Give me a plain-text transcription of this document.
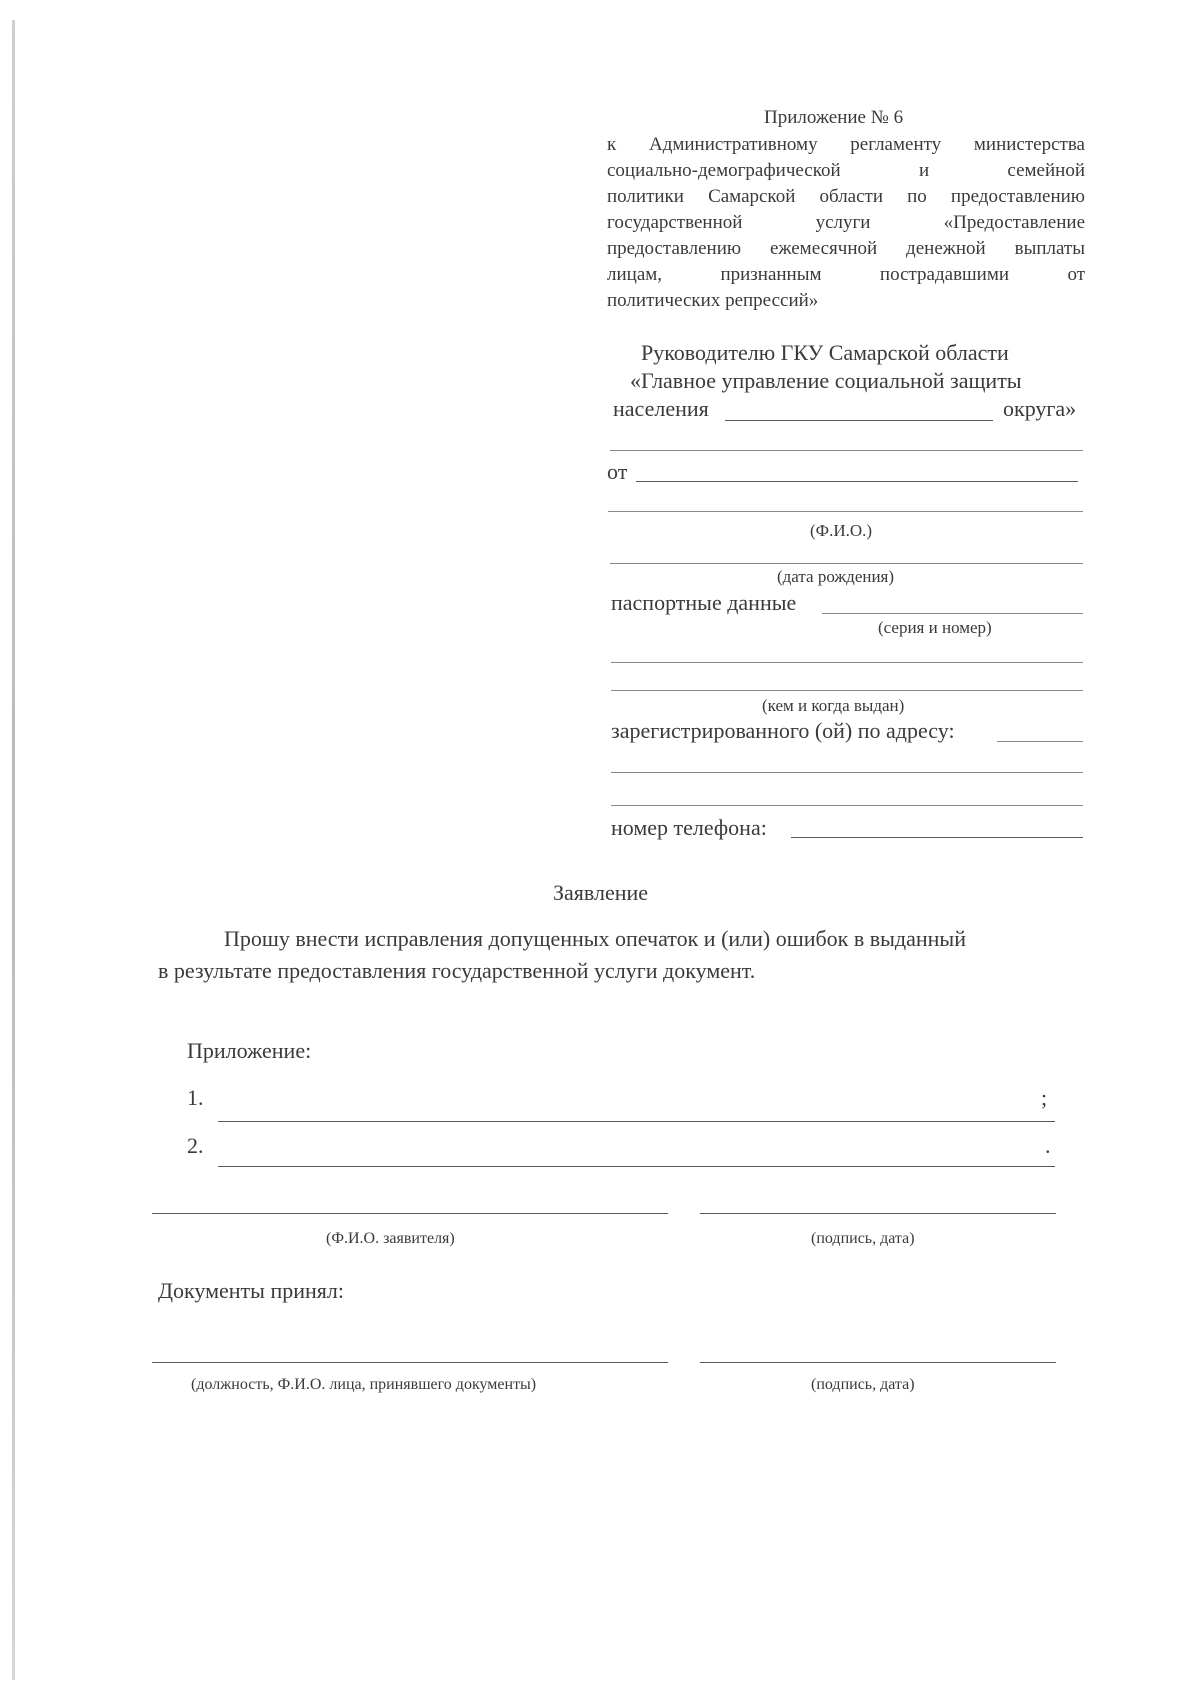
Приложение № 6
к Административному регламенту министерства
социально-демографической и семейной
политики Самарской области по предоставлению
государственной услуги «Предоставление
предоставлению ежемесячной денежной выплаты
лицам, признанным пострадавшими от
политических репрессий»
Руководителю ГКУ Самарской области
«Главное управление социальной защиты
населения	округа»
от
(Ф.И.О.)
(дата рождения)
паспортные данные
(серия и номер)
(кем и когда выдан)
зарегистрированного (ой) по адресу:
номер телефона:
Заявление
Прошу внести исправления допущенных опечаток и (или) ошибок в выданный
в результате предоставления государственной услуги документ.
Приложение:
1.	;
2.	.
(Ф.И.О. заявителя)	(подпись, дата)
Документы принял:
(должность, Ф.И.О. лица, принявшего документы)	(подпись, дата)
